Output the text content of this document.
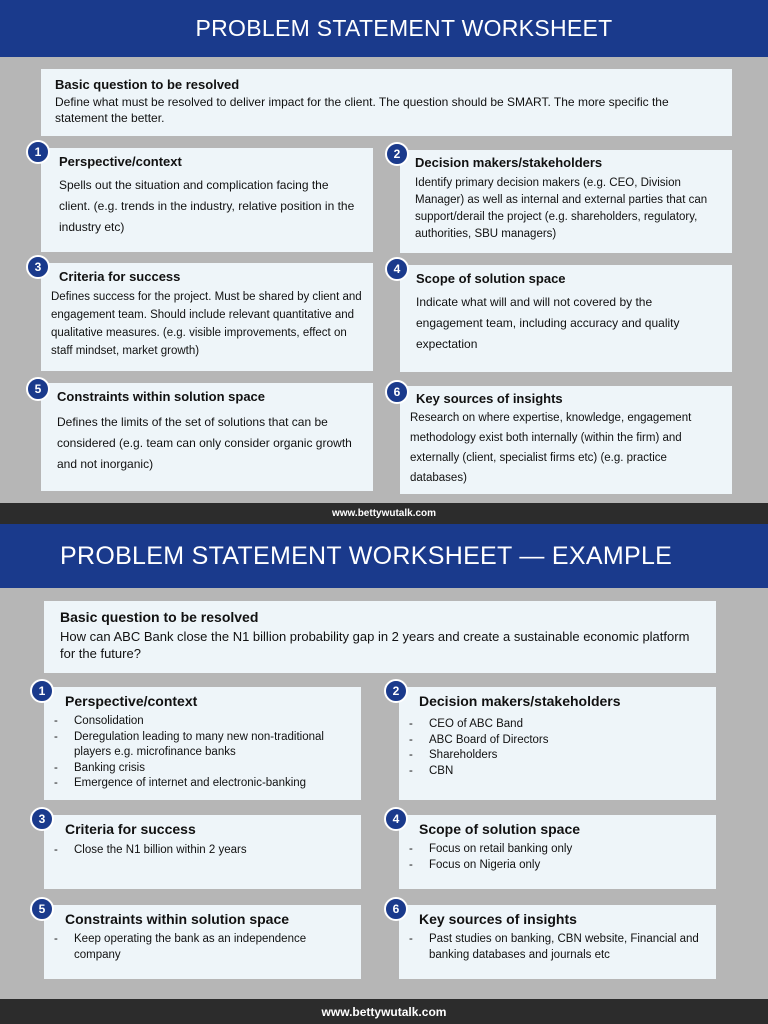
PROBLEM STATEMENT WORKSHEET
Basic question to be resolved
Define what must be resolved to deliver impact for the client. The question should be SMART. The more specific the statement the better.
Perspective/context
Spells out the situation and complication facing the client. (e.g. trends in the industry, relative position in the industry etc)
1
Decision makers/stakeholders
Identify primary decision makers (e.g. CEO, Division Manager) as well as internal and external parties that can support/derail the project (e.g. shareholders, regulatory, authorities, SBU managers)
2
Criteria for success
Defines success for the project. Must be shared by client and engagement team. Should include relevant quantitative and qualitative measures. (e.g. visible improvements, effect on staff mindset, market growth)
3
Scope of solution space
Indicate what will and will not covered by the engagement team, including accuracy and quality expectation
4
Constraints within solution space
Defines the limits of the set of solutions that can be considered (e.g. team can only consider organic growth and not inorganic)
5
Key sources of insights
Research on where expertise, knowledge, engagement methodology exist both internally (within the firm) and externally (client, specialist firms etc) (e.g. practice databases)
6
www.bettywutalk.com
PROBLEM STATEMENT WORKSHEET — EXAMPLE
Basic question to be resolved
How can ABC Bank close the N1 billion probability gap in 2 years and create a sustainable economic platform for the future?
Perspective/context
- Consolidation
- Deregulation leading to many new non-traditional players e.g. microfinance banks
- Banking crisis
- Emergence of internet and electronic-banking
1
Decision makers/stakeholders
- CEO of ABC Band
- ABC Board of Directors
- Shareholders
- CBN
2
Criteria for success
- Close the N1 billion within 2 years
3
Scope of solution space
- Focus on retail banking only
- Focus on Nigeria only
4
Constraints within solution space
- Keep operating the bank as an independence company
5
Key sources of insights
- Past studies on banking, CBN website, Financial and banking databases and journals etc
6
www.bettywutalk.com
